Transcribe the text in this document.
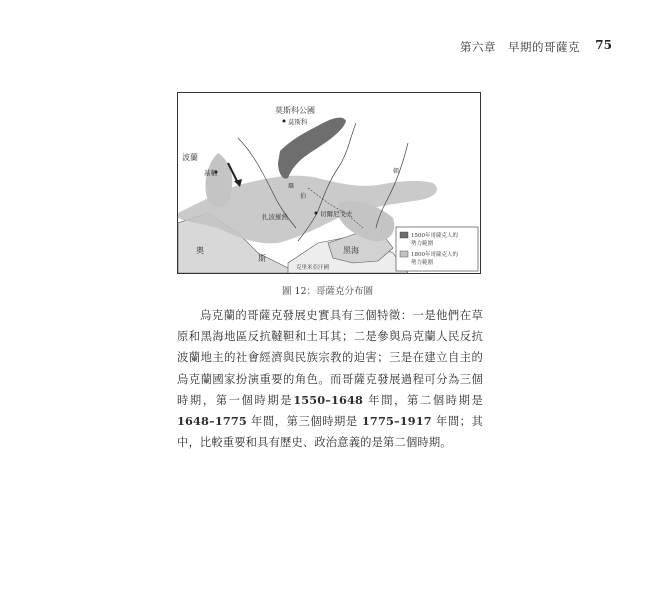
第六章　早期的哥薩克 75
莫斯科公國
莫斯科
波蘭
基輔
扎波羅熱	切爾尼戈夫
奧
斯
黑海
克里米亞汗國
聶
伯
頓
1500年哥薩克人的
勢力範圍
1800年哥薩克人的
勢力範圍
圖 12：哥薩克分布圖

烏克蘭的哥薩克發展史實具有三個特徵：一是他們在草原和黑海地區反抗韃靼和土耳其；二是參與烏克蘭人民反抗波蘭地主的社會經濟與民族宗教的迫害；三是在建立自主的烏克蘭國家扮演重要的角色。而哥薩克發展過程可分為三個時期，第一個時期是1550–1648 年間，第二個時期是 1648–1775 年間，第三個時期是 1775–1917 年間；其中，比較重要和具有歷史、政治意義的是第二個時期。
